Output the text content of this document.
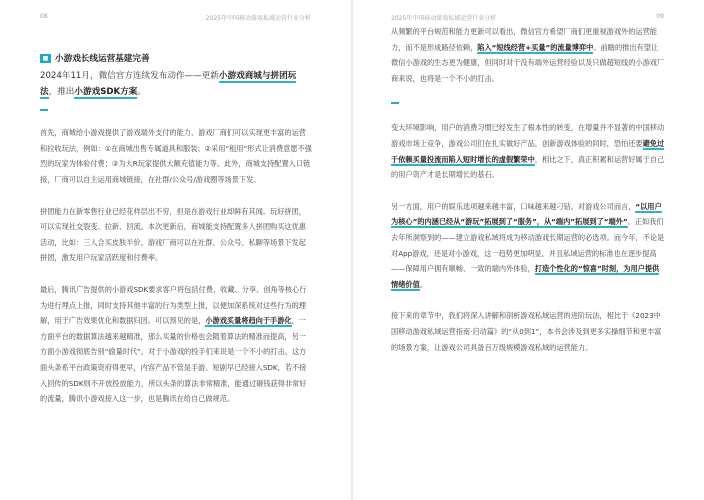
08	2025年中国移动游戏私域运营行业分析
■ 小游戏长线运营基建完善

2024年11月，微信官方连续发布动作——更新小游戏商城与拼团玩法，推出小游戏SDK方案。

首先，商城给小游戏提供了游戏端外支付的能力，游戏厂商们可以实现更丰富的运营和拉收玩法，例如：①在商城出售专属道具和服装；②采用“租用”形式让消费意愿不强烈的玩家为体验付费；③为大R玩家提供大额充值能力等。此外，商城支持配置入口链接，厂商可以自主运用商城链接，在社群/公众号/游戏圈等场景下发。

拼团能力在新零售行业已经花样层出不穷，但是在游戏行业却鲜有其闻。玩好拼团，可以实现社交裂变、拉新、回流。本次更新后，商城能支持配置多人拼团购买这优惠活动，比如：三人合买皮肤半价。游戏厂商可以在社群、公众号、私聊等场景下发起拼团，激发用户玩家活跃度和付费率。

最后，腾讯广告提供的小游戏SDK要求客户将包括付费、收藏、分享、创角等核心行为进行埋点上报，同时支持其他丰富的行为类型上报，以便加深系统对这些行为的理解，用于广告效果优化和数据归因。可以预见的是，小游戏买量将趋向于手游化，一方面平台的数据算法越来越精准，那么买量的价格也会随着算法的精准而提高，另一方面小游戏彻底告别“偷量时代”，对于小游戏的投手们来说是一个不小的打击。这方面头条系平台政策资府得更早，内容产品不管是手游、短剧早已经接入SDK，若不接入回传的SDK则不开放投放能力，所以头条的算法非常精准，能通过砸钱获得非常好的流量，腾讯小游戏接入这一步，也是腾讯在给自己做规范。

2025年中国移动游戏私域运营行业分析	09

从频繁的平台规范和能力更新可以看出，微信官方希望厂商们更重视游戏外的运营能力，而不是形成路径依赖，陷入“短线经营+买量”的流量博弈中。前瞻的推出有望让微信小游戏的生态更为健康，但同时对于没有端外运营经验以及只做超短线的小游戏厂商来说，也将是一个不小的打击。

变大环境影响，用户的消费习惯已经发生了根本性的转变，在增量并不显著的中国移动游戏市场上竞争，游戏公司们在扎实做好产品，创新游戏体验的同时，恐怕还要避免过于依赖买量投流而陷入短时增长的虚假繁荣中，相比之下，真正积累和运营好属于自己的用户资产才是长期增长的基石。

另一方面，用户的娱乐选项越来越丰富，口味越来越刁钻，对游戏公司而言，“以用户为核心”的内涵已经从“游玩”拓展到了“服务”，从“端内”拓展到了“端外”。正如我们去年所洞察到的——建立游戏私域将成为移动游戏长期运营的必选项。而今年，不论是对App游戏，还是对小游戏，这一趋势更加明显，并且私域运营的标准也在逐步提高——保障用户拥有顺畅、一致的端内外体验，打造个性化的“惊喜”时刻，为用户提供情绪价值。

接下来的章节中，我们将深入讲解和剖析游戏私域运营的进阶玩法，相比于《2023中国移动游戏私域运营指南·启动篇》的“从0到1”，本书会涉及到更多实操细节和更丰富的场景方案，让游戏公司具备百万级规模游戏私域的运营能力。
